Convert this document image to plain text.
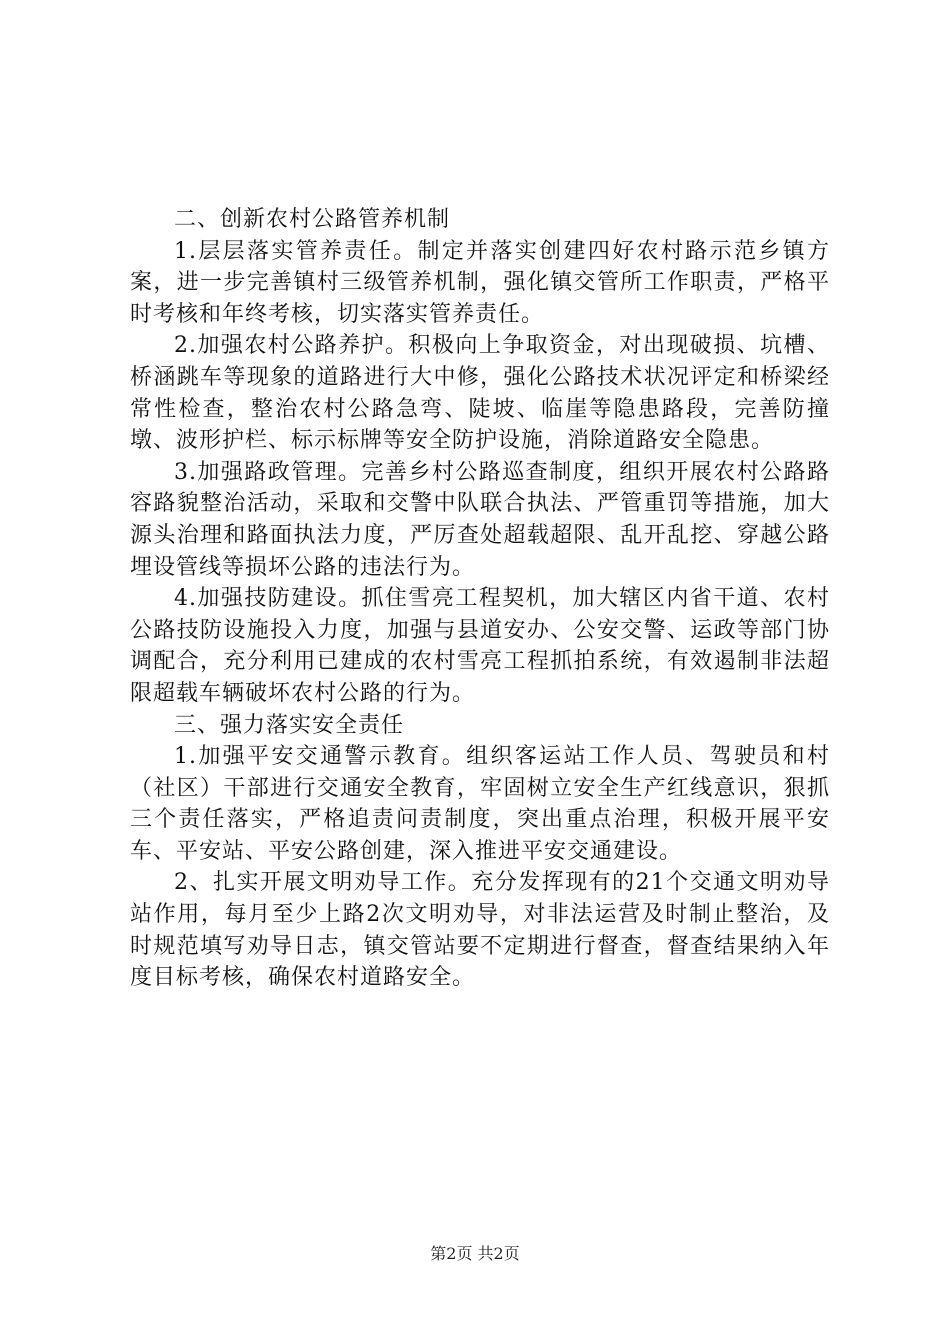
二、创新农村公路管养机制

1.层层落实管养责任。制定并落实创建四好农村路示范乡镇方案，进一步完善镇村三级管养机制，强化镇交管所工作职责，严格平时考核和年终考核，切实落实管养责任。

2.加强农村公路养护。积极向上争取资金，对出现破损、坑槽、桥涵跳车等现象的道路进行大中修，强化公路技术状况评定和桥梁经常性检查，整治农村公路急弯、陡坡、临崖等隐患路段，完善防撞墩、波形护栏、标示标牌等安全防护设施，消除道路安全隐患。

3.加强路政管理。完善乡村公路巡查制度，组织开展农村公路路容路貌整治活动，采取和交警中队联合执法、严管重罚等措施，加大源头治理和路面执法力度，严厉查处超载超限、乱开乱挖、穿越公路埋设管线等损坏公路的违法行为。

4.加强技防建设。抓住雪亮工程契机，加大辖区内省干道、农村公路技防设施投入力度，加强与县道安办、公安交警、运政等部门协调配合，充分利用已建成的农村雪亮工程抓拍系统，有效遏制非法超限超载车辆破坏农村公路的行为。

三、强力落实安全责任

1.加强平安交通警示教育。组织客运站工作人员、驾驶员和村（社区）干部进行交通安全教育，牢固树立安全生产红线意识，狠抓三个责任落实，严格追责问责制度，突出重点治理，积极开展平安车、平安站、平安公路创建，深入推进平安交通建设。

2、扎实开展文明劝导工作。充分发挥现有的21个交通文明劝导站作用，每月至少上路2次文明劝导，对非法运营及时制止整治，及时规范填写劝导日志，镇交管站要不定期进行督查，督查结果纳入年度目标考核，确保农村道路安全。

第2页 共2页
